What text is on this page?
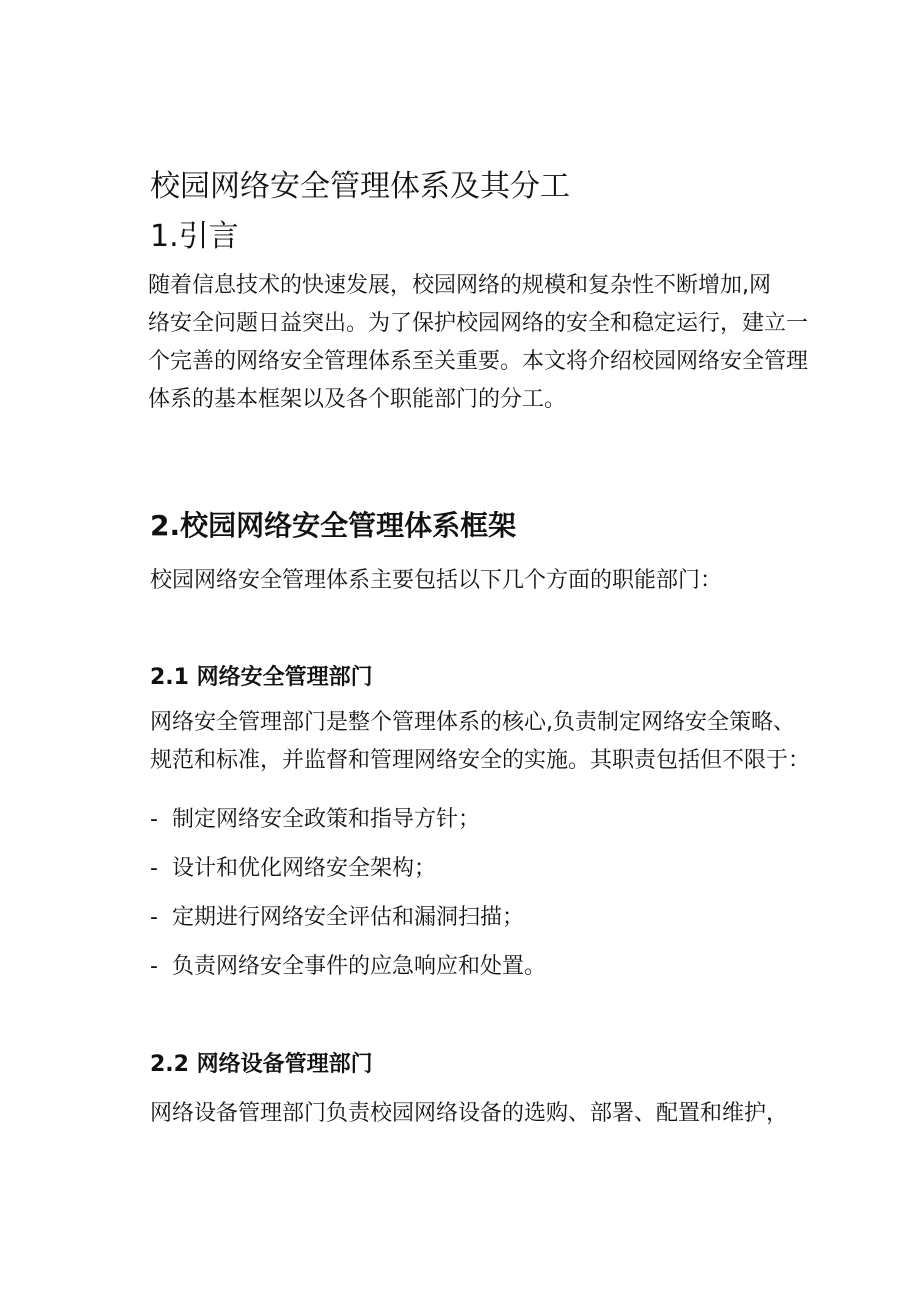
校园网络安全管理体系及其分工
1.引言
随着信息技术的快速发展，校园网络的规模和复杂性不断增加,网
络安全问题日益突出。为了保护校园网络的安全和稳定运行，建立一
个完善的网络安全管理体系至关重要。本文将介绍校园网络安全管理
体系的基本框架以及各个职能部门的分工。
2.校园网络安全管理体系框架
校园网络安全管理体系主要包括以下几个方面的职能部门：
2.1 网络安全管理部门
网络安全管理部门是整个管理体系的核心,负责制定网络安全策略、
规范和标准，并监督和管理网络安全的实施。其职责包括但不限于：
- 制定网络安全政策和指导方针；
- 设计和优化网络安全架构；
- 定期进行网络安全评估和漏洞扫描；
- 负责网络安全事件的应急响应和处置。
2.2 网络设备管理部门
网络设备管理部门负责校园网络设备的选购、部署、配置和维护，
